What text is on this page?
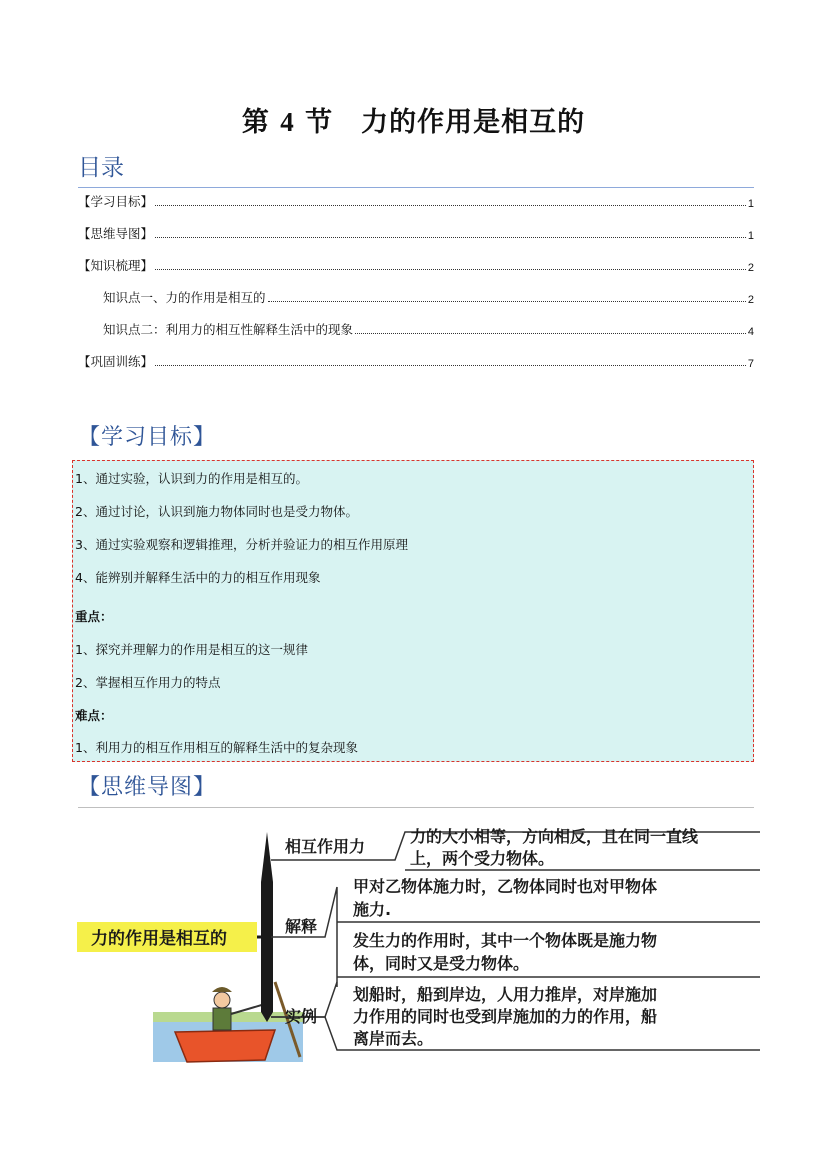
第 4 节　力的作用是相互的
目录
【学习目标】	1
【思维导图】	1
【知识梳理】	2
知识点一、力的作用是相互的	2
知识点二：利用力的相互性解释生活中的现象	4
【巩固训练】	7
【学习目标】
1、通过实验，认识到力的作用是相互的。
2、通过讨论，认识到施力物体同时也是受力物体。
3、通过实验观察和逻辑推理，分析并验证力的相互作用原理
4、能辨别并解释生活中的力的相互作用现象
重点：
1、探究并理解力的作用是相互的这一规律
2、掌握相互作用力的特点
难点：
1、利用力的相互作用相互的解释生活中的复杂现象
【思维导图】
力的作用是相互的
相互作用力
力的大小相等，方向相反，且在同一直线
上，两个受力物体。
解释
甲对乙物体施力时，乙物体同时也对甲物体
施力.
发生力的作用时，其中一个物体既是施力物
体，同时又是受力物体。
实例
划船时，船到岸边，人用力推岸，对岸施加
力作用的同时也受到岸施加的力的作用，船
离岸而去。
